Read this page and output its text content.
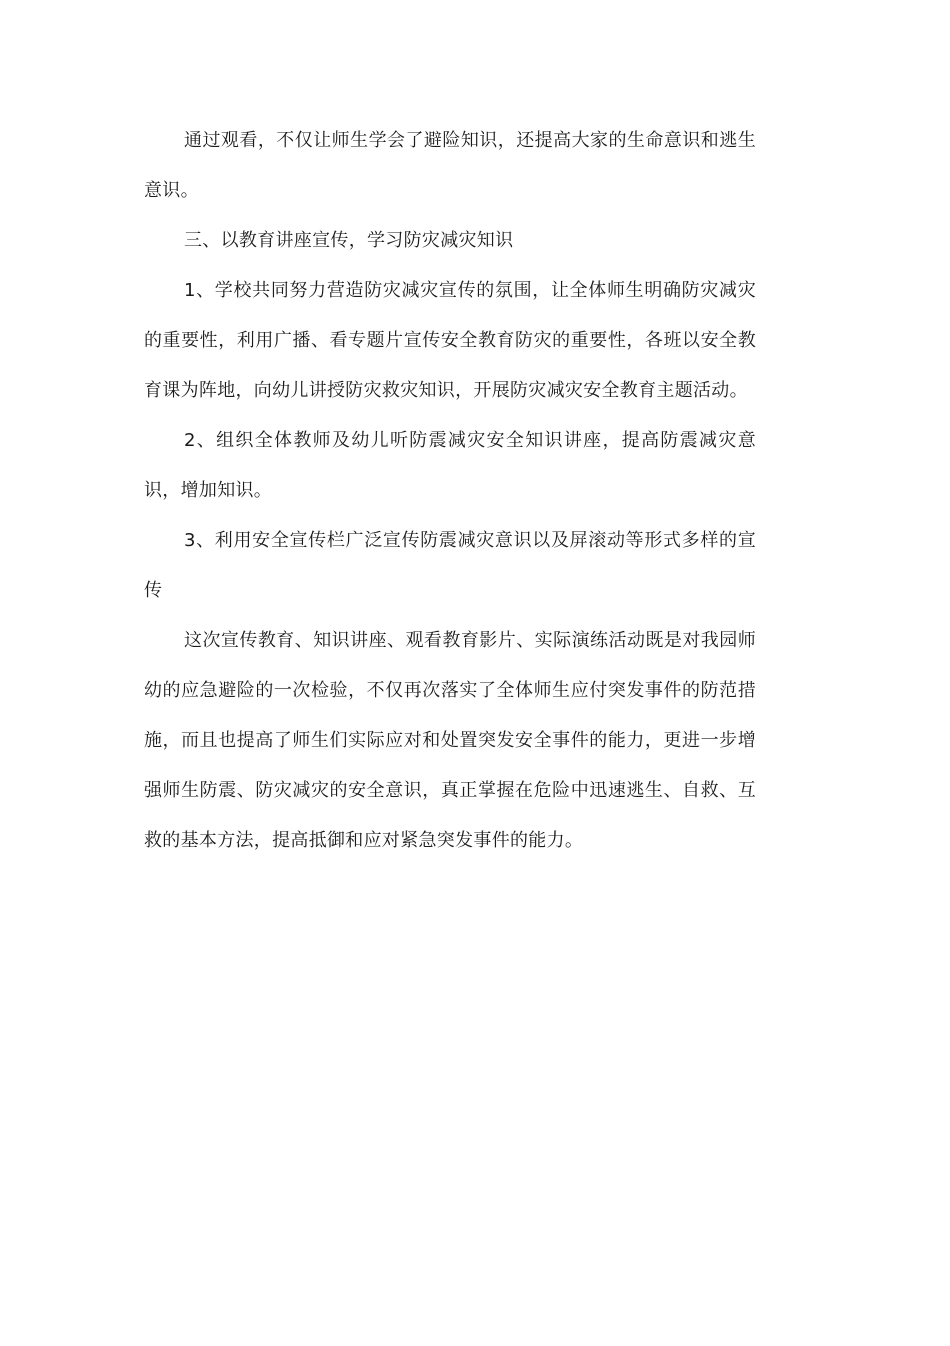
通过观看，不仅让师生学会了避险知识，还提高大家的生命意识和逃生意识。

三、以教育讲座宣传，学习防灾减灾知识

1、学校共同努力营造防灾减灾宣传的氛围，让全体师生明确防灾减灾的重要性，利用广播、看专题片宣传安全教育防灾的重要性，各班以安全教育课为阵地，向幼儿讲授防灾救灾知识，开展防灾减灾安全教育主题活动。

2、组织全体教师及幼儿听防震减灾安全知识讲座，提高防震减灾意识，增加知识。

3、利用安全宣传栏广泛宣传防震减灾意识以及屏滚动等形式多样的宣传

这次宣传教育、知识讲座、观看教育影片、实际演练活动既是对我园师幼的应急避险的一次检验，不仅再次落实了全体师生应付突发事件的防范措施，而且也提高了师生们实际应对和处置突发安全事件的能力，更进一步增强师生防震、防灾减灾的安全意识，真正掌握在危险中迅速逃生、自救、互救的基本方法，提高抵御和应对紧急突发事件的能力。
